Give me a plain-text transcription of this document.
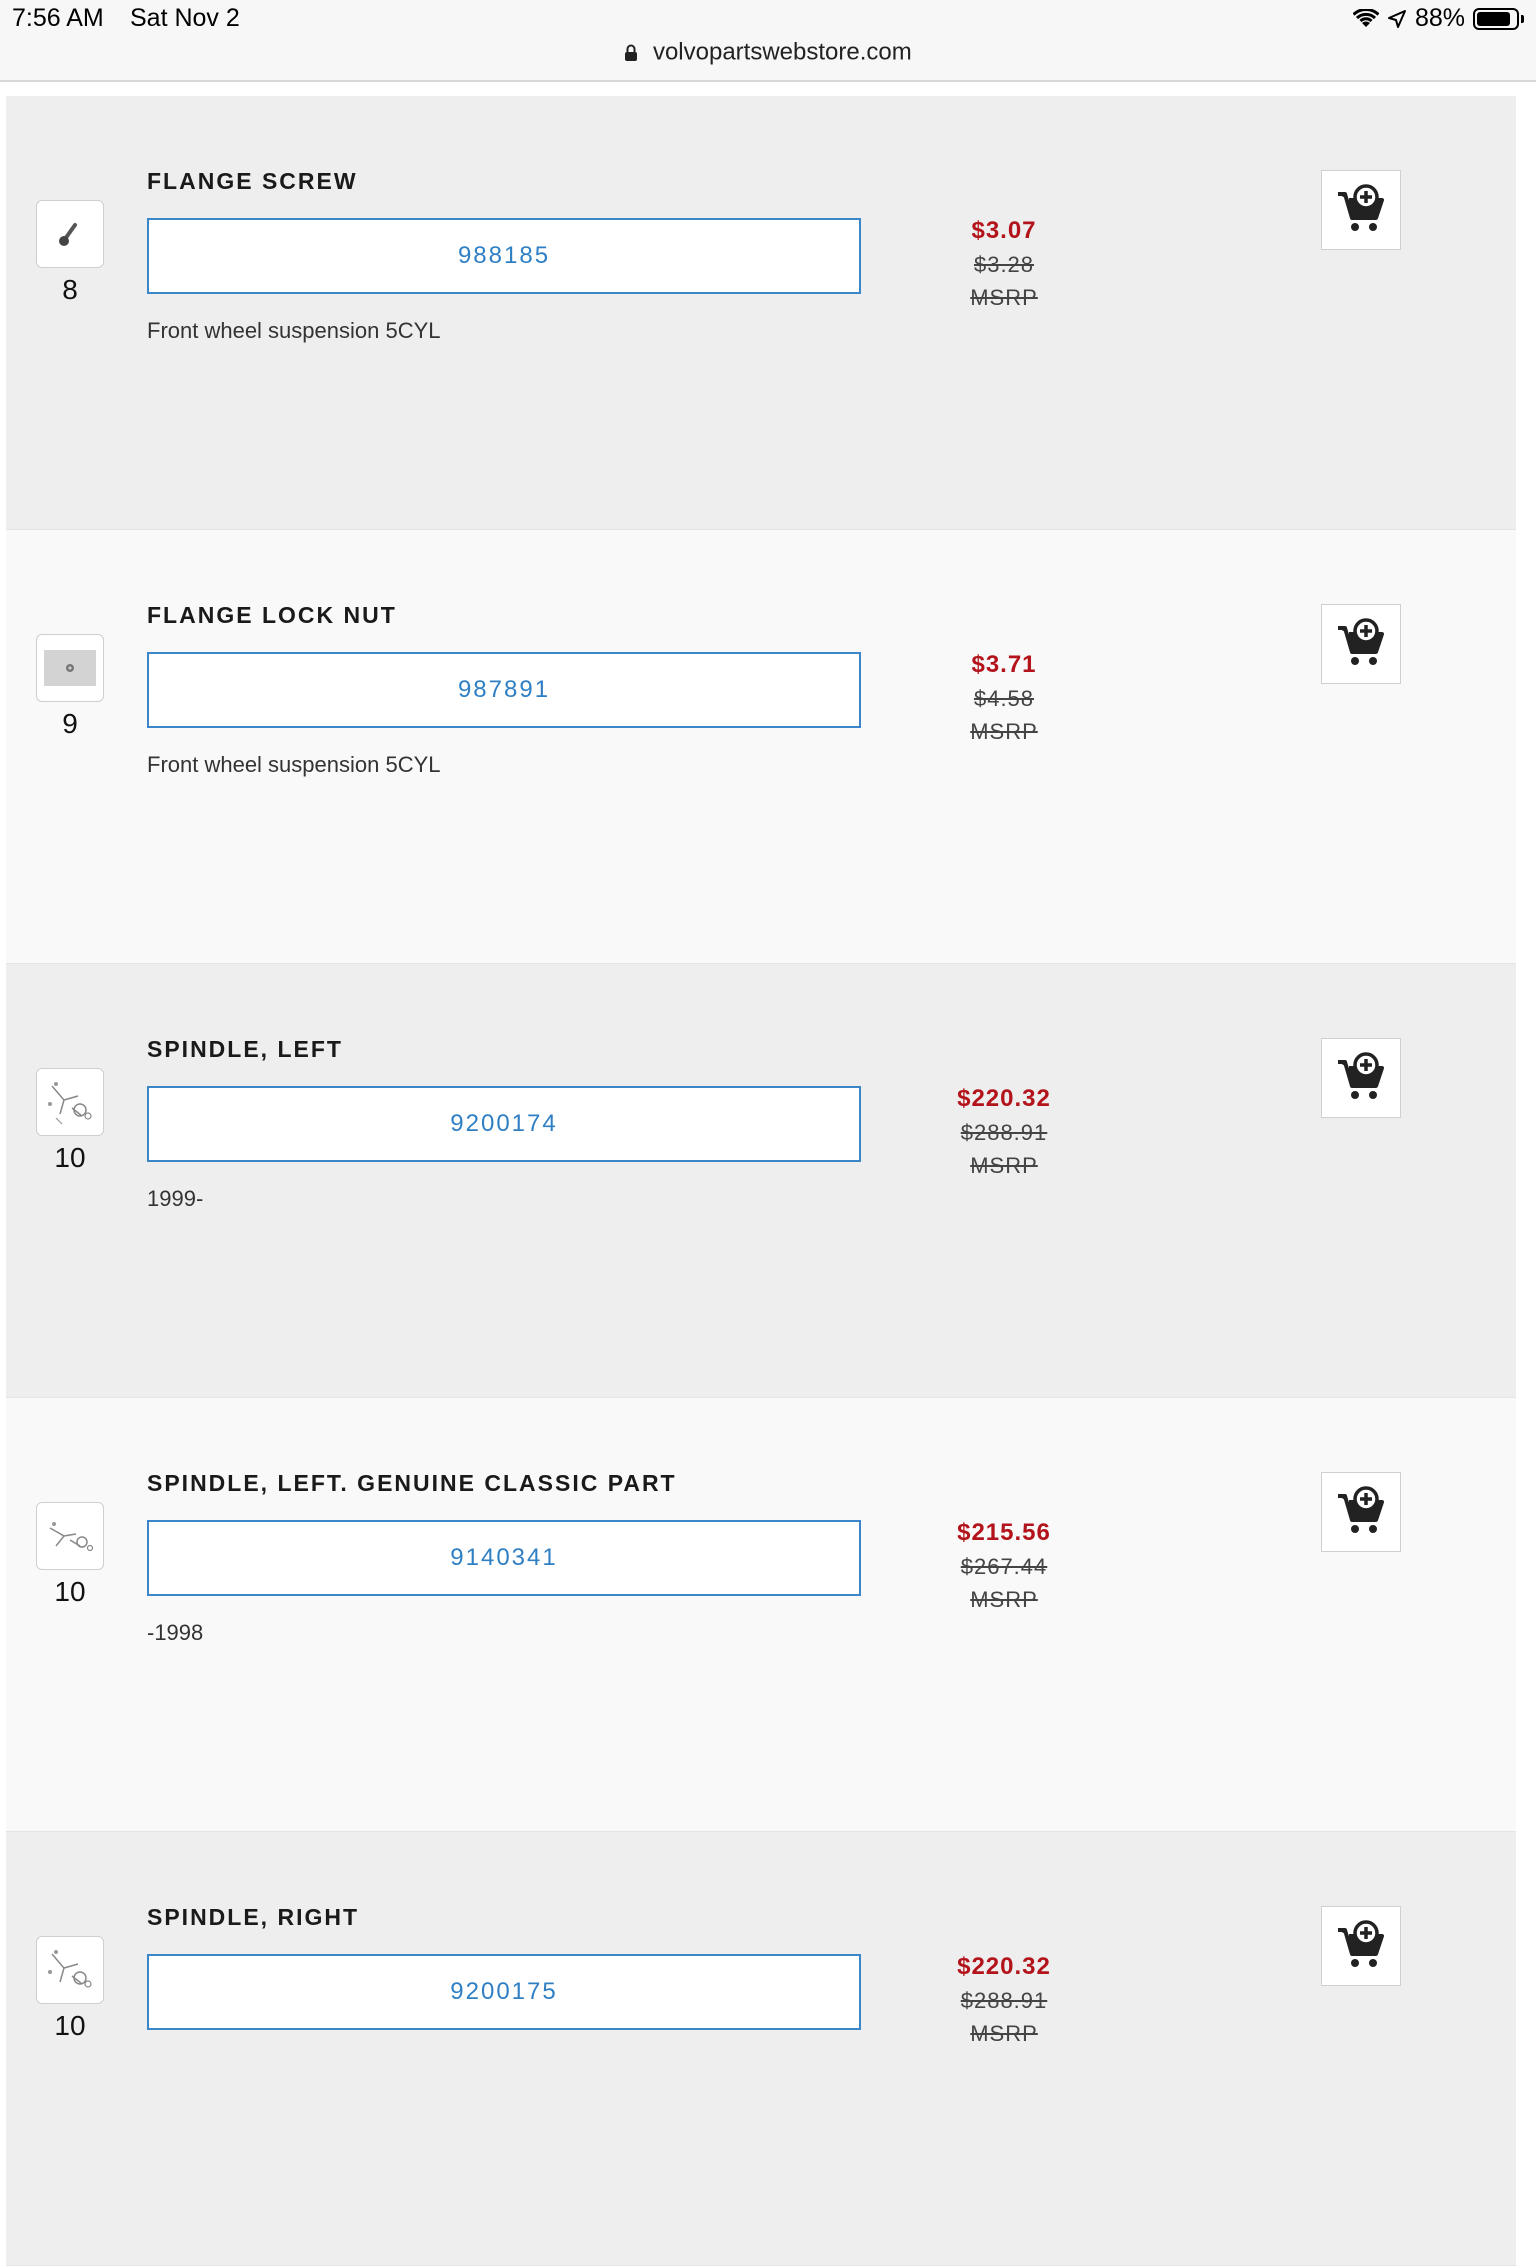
7:56 AM Sat Nov 2	88%
volvopartswebstore.com
8
FLANGE SCREW
988185
Front wheel suspension 5CYL
$3.07
$3.28
MSRP
9
FLANGE LOCK NUT
987891
Front wheel suspension 5CYL
$3.71
$4.58
MSRP
10
SPINDLE, LEFT
9200174
1999-
$220.32
$288.91
MSRP
10
SPINDLE, LEFT. GENUINE CLASSIC PART
9140341
-1998
$215.56
$267.44
MSRP
10
SPINDLE, RIGHT
9200175
$220.32
$288.91
MSRP
